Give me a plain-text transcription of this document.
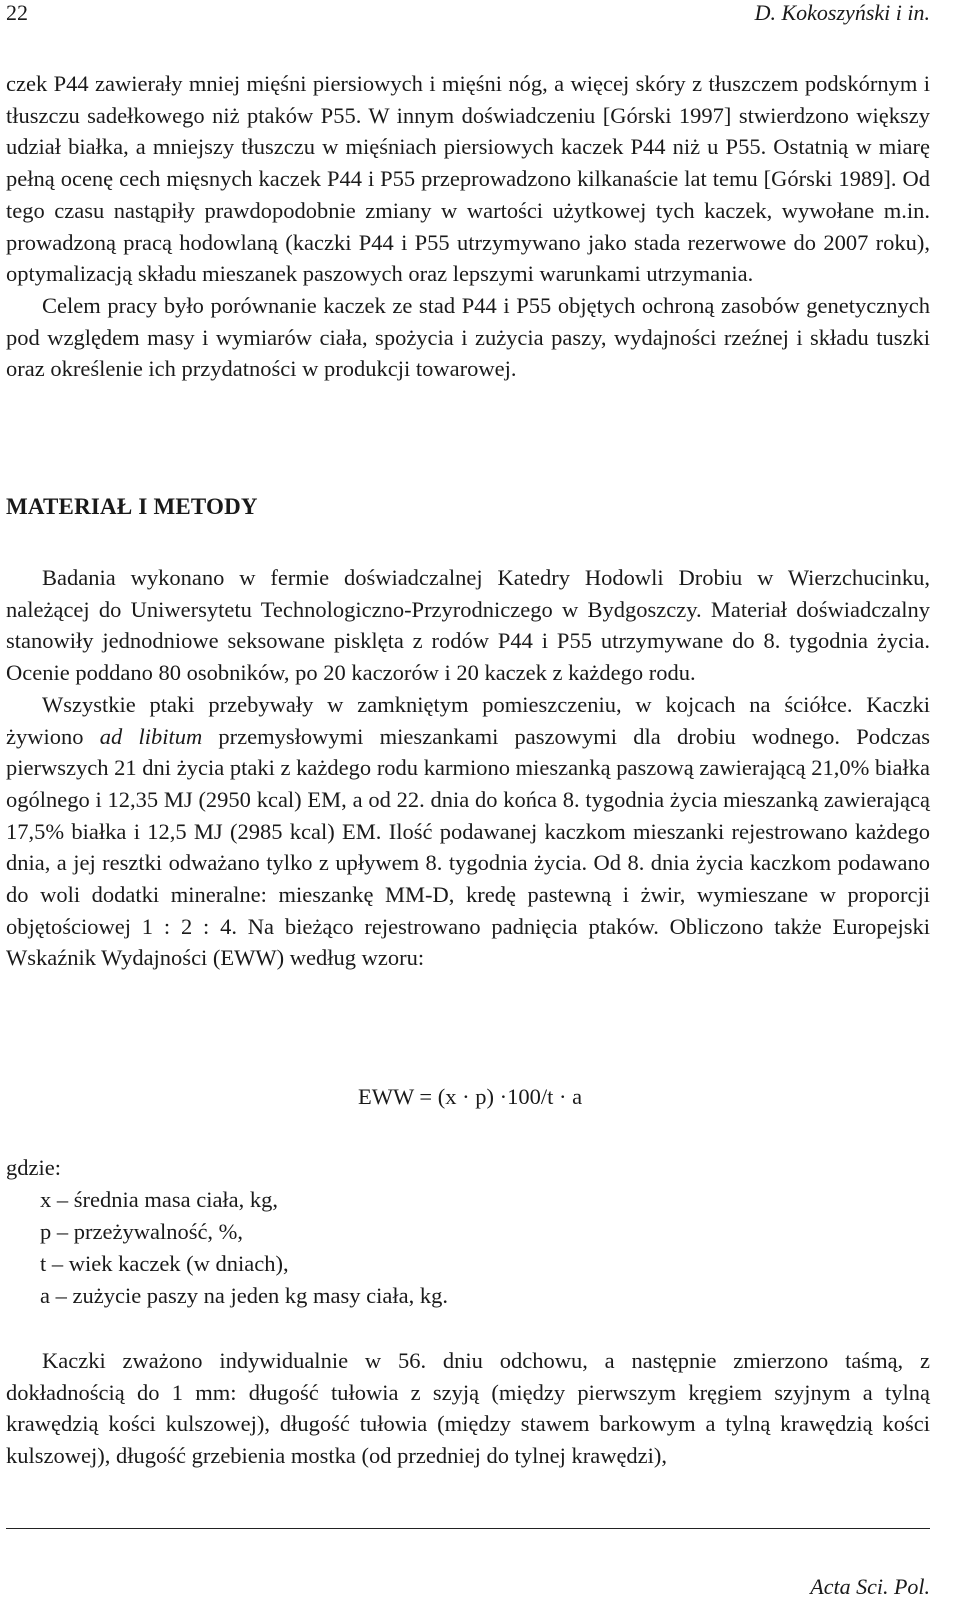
22	D. Kokoszyński i in.

czek P44 zawierały mniej mięśni piersiowych i mięśni nóg, a więcej skóry z tłuszczem podskórnym i tłuszczu sadełkowego niż ptaków P55. W innym doświadczeniu [Górski 1997] stwierdzono większy udział białka, a mniejszy tłuszczu w mięśniach piersiowych kaczek P44 niż u P55. Ostatnią w miarę pełną ocenę cech mięsnych kaczek P44 i P55 przeprowadzono kilkanaście lat temu [Górski 1989]. Od tego czasu nastąpiły prawdopodobnie zmiany w wartości użytkowej tych kaczek, wywołane m.in. prowadzoną pracą hodowlaną (kaczki P44 i P55 utrzymywano jako stada rezerwowe do 2007 roku), optymalizacją składu mieszanek paszowych oraz lepszymi warunkami utrzymania.

Celem pracy było porównanie kaczek ze stad P44 i P55 objętych ochroną zasobów genetycznych pod względem masy i wymiarów ciała, spożycia i zużycia paszy, wydajności rzeźnej i składu tuszki oraz określenie ich przydatności w produkcji towarowej.

MATERIAŁ I METODY

Badania wykonano w fermie doświadczalnej Katedry Hodowli Drobiu w Wierzchucinku, należącej do Uniwersytetu Technologiczno-Przyrodniczego w Bydgoszczy. Materiał doświadczalny stanowiły jednodniowe seksowane pisklęta z rodów P44 i P55 utrzymywane do 8. tygodnia życia. Ocenie poddano 80 osobników, po 20 kaczorów i 20 kaczek z każdego rodu.

Wszystkie ptaki przebywały w zamkniętym pomieszczeniu, w kojcach na ściółce. Kaczki żywiono ad libitum przemysłowymi mieszankami paszowymi dla drobiu wodnego. Podczas pierwszych 21 dni życia ptaki z każdego rodu karmiono mieszanką paszową zawierającą 21,0% białka ogólnego i 12,35 MJ (2950 kcal) EM, a od 22. dnia do końca 8. tygodnia życia mieszanką zawierającą 17,5% białka i 12,5 MJ (2985 kcal) EM. Ilość podawanej kaczkom mieszanki rejestrowano każdego dnia, a jej resztki odważano tylko z upływem 8. tygodnia życia. Od 8. dnia życia kaczkom podawano do woli dodatki mineralne: mieszankę MM-D, kredę pastewną i żwir, wymieszane w proporcji objętościowej 1 : 2 : 4. Na bieżąco rejestrowano padnięcia ptaków. Obliczono także Europejski Wskaźnik Wydajności (EWW) według wzoru:

EWW = (x · p) ·100/t · a
gdzie:
x – średnia masa ciała, kg,
p – przeżywalność, %,
t – wiek kaczek (w dniach),
a – zużycie paszy na jeden kg masy ciała, kg.

Kaczki zważono indywidualnie w 56. dniu odchowu, a następnie zmierzono taśmą, z dokładnością do 1 mm: długość tułowia z szyją (między pierwszym kręgiem szyjnym a tylną krawędzią kości kulszowej), długość tułowia (między stawem barkowym a tylną krawędzią kości kulszowej), długość grzebienia mostka (od przedniej do tylnej krawędzi),

Acta Sci. Pol.
